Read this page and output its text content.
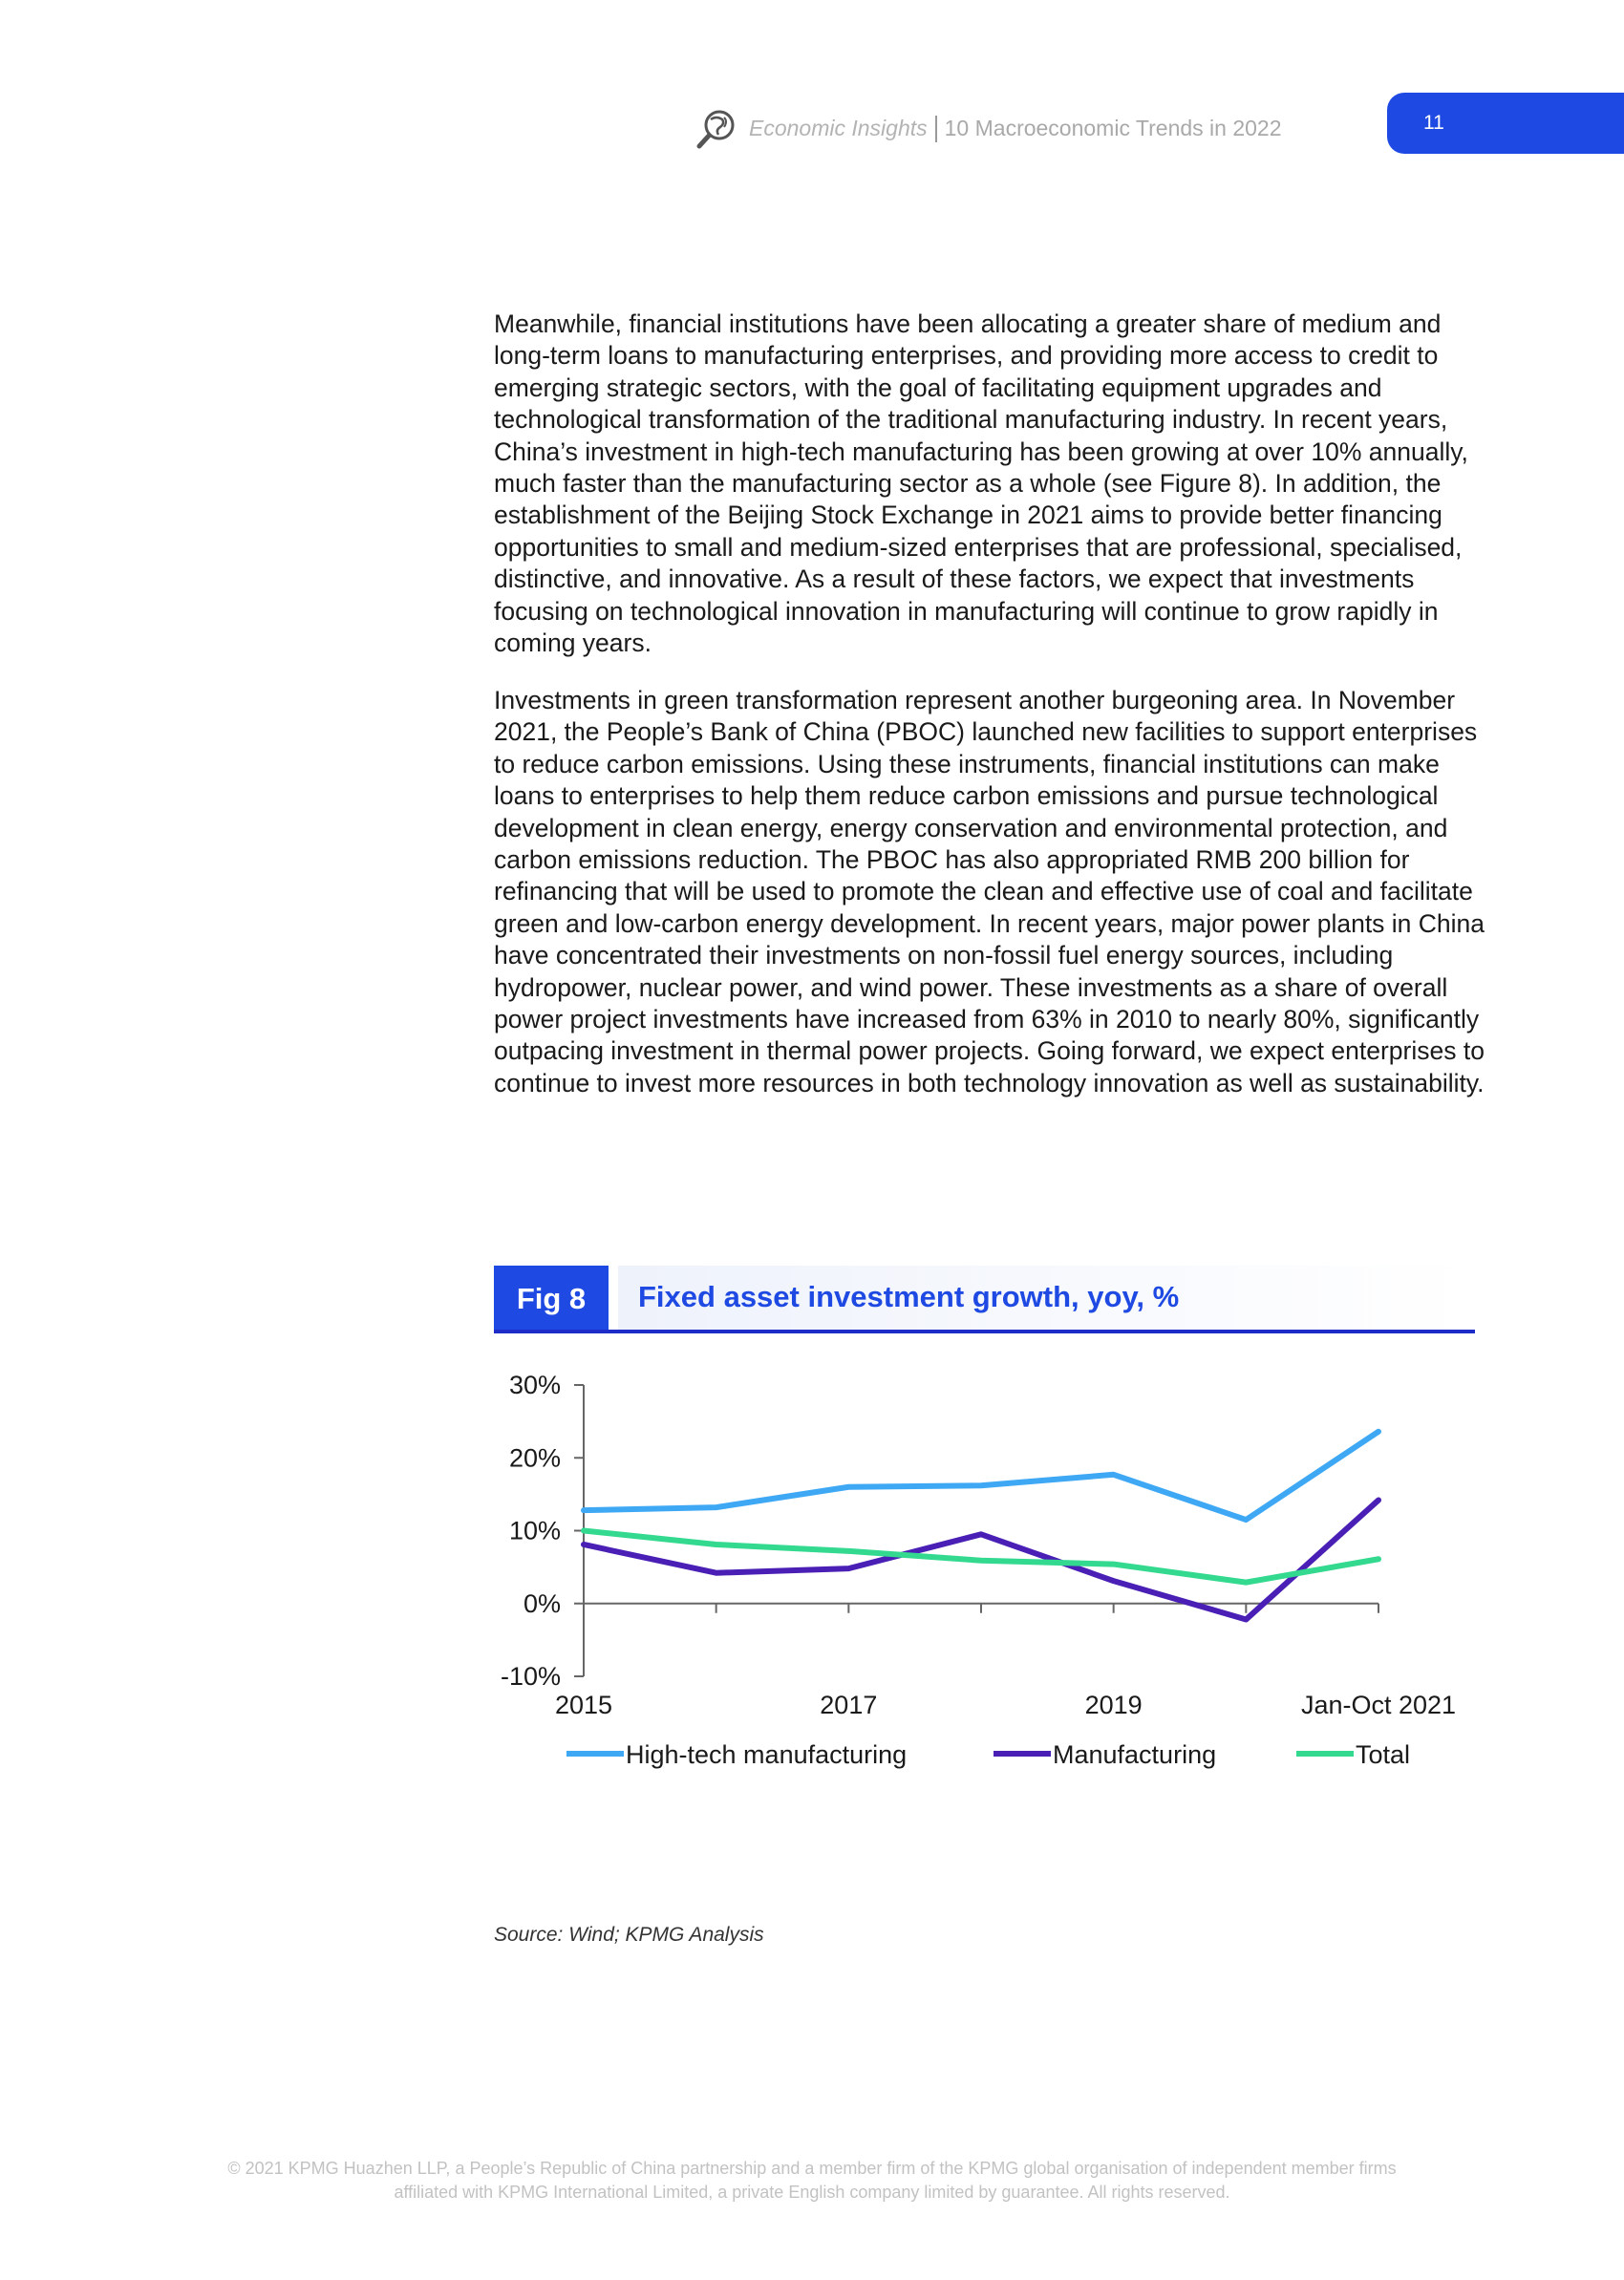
Economic Insights 10 Macroeconomic Trends in 2022	11

Meanwhile, financial institutions have been allocating a greater share of medium and long-term loans to manufacturing enterprises, and providing more access to credit to emerging strategic sectors, with the goal of facilitating equipment upgrades and technological transformation of the traditional manufacturing industry. In recent years, China’s investment in high-tech manufacturing has been growing at over 10% annually, much faster than the manufacturing sector as a whole (see Figure 8). In addition, the establishment of the Beijing Stock Exchange in 2021 aims to provide better financing opportunities to small and medium-sized enterprises that are professional, specialised, distinctive, and innovative. As a result of these factors, we expect that investments focusing on technological innovation in manufacturing will continue to grow rapidly in coming years.

Investments in green transformation represent another burgeoning area. In November 2021, the People’s Bank of China (PBOC) launched new facilities to support enterprises to reduce carbon emissions. Using these instruments, financial institutions can make loans to enterprises to help them reduce carbon emissions and pursue technological development in clean energy, energy conservation and environmental protection, and carbon emissions reduction. The PBOC has also appropriated RMB 200 billion for refinancing that will be used to promote the clean and effective use of coal and facilitate green and low-carbon energy development. In recent years, major power plants in China have concentrated their investments on non-fossil fuel energy sources, including hydropower, nuclear power, and wind power. These investments as a share of overall power project investments have increased from 63% in 2010 to nearly 80%, significantly outpacing investment in thermal power projects. Going forward, we expect enterprises to continue to invest more resources in both technology innovation as well as sustainability.

Fig 8 Fixed asset investment growth, yoy, %
-10%
0%
10%
20%
30%
2015	2017	2019	Jan-Oct 2021
High-tech manufacturing	Manufacturing	Total
Source: Wind; KPMG Analysis
© 2021 KPMG Huazhen LLP, a People’s Republic of China partnership and a member firm of the KPMG global organisation of independent member firms
affiliated with KPMG International Limited, a private English company limited by guarantee. All rights reserved.
